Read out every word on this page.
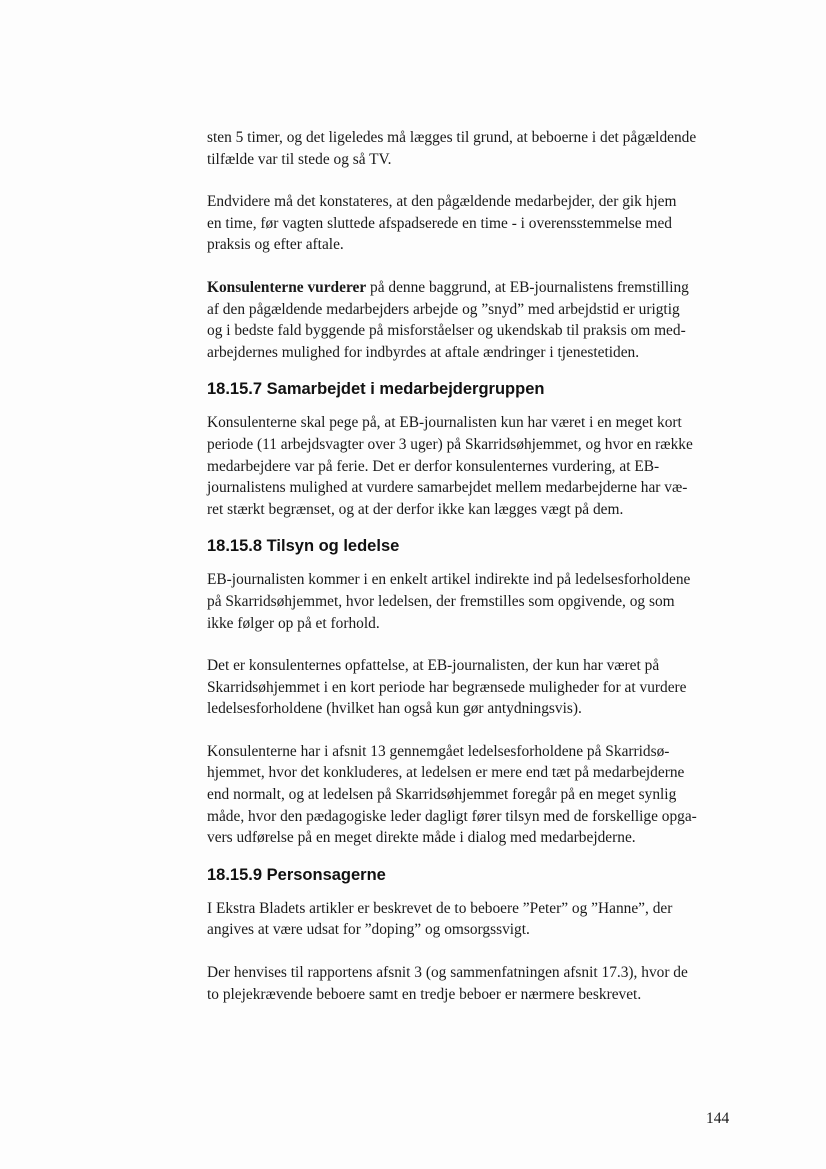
sten 5 timer, og det ligeledes må lægges til grund, at beboerne i det pågældende
tilfælde var til stede og så TV.

Endvidere må det konstateres, at den pågældende medarbejder, der gik hjem
en time, før vagten sluttede afspadserede en time - i overensstemmelse med
praksis og efter aftale.

Konsulenterne vurderer på denne baggrund, at EB-journalistens fremstilling
af den pågældende medarbejders arbejde og ”snyd” med arbejdstid er urigtig
og i bedste fald byggende på misforståelser og ukendskab til praksis om med-
arbejdernes mulighed for indbyrdes at aftale ændringer i tjenestetiden.

18.15.7 Samarbejdet i medarbejdergruppen

Konsulenterne skal pege på, at EB-journalisten kun har været i en meget kort
periode (11 arbejdsvagter over 3 uger) på Skarridsøhjemmet, og hvor en række
medarbejdere var på ferie. Det er derfor konsulenternes vurdering, at EB-
journalistens mulighed at vurdere samarbejdet mellem medarbejderne har væ-
ret stærkt begrænset, og at der derfor ikke kan lægges vægt på dem.

18.15.8 Tilsyn og ledelse

EB-journalisten kommer i en enkelt artikel indirekte ind på ledelsesforholdene
på Skarridsøhjemmet, hvor ledelsen, der fremstilles som opgivende, og som
ikke følger op på et forhold.

Det er konsulenternes opfattelse, at EB-journalisten, der kun har været på
Skarridsøhjemmet i en kort periode har begrænsede muligheder for at vurdere
ledelsesforholdene (hvilket han også kun gør antydningsvis).

Konsulenterne har i afsnit 13 gennemgået ledelsesforholdene på Skarridsø-
hjemmet, hvor det konkluderes, at ledelsen er mere end tæt på medarbejderne
end normalt, og at ledelsen på Skarridsøhjemmet foregår på en meget synlig
måde, hvor den pædagogiske leder dagligt fører tilsyn med de forskellige opga-
vers udførelse på en meget direkte måde i dialog med medarbejderne.

18.15.9 Personsagerne

I Ekstra Bladets artikler er beskrevet de to beboere ”Peter” og ”Hanne”, der
angives at være udsat for ”doping” og omsorgssvigt.

Der henvises til rapportens afsnit 3 (og sammenfatningen afsnit 17.3), hvor de
to plejekrævende beboere samt en tredje beboer er nærmere beskrevet.

144
